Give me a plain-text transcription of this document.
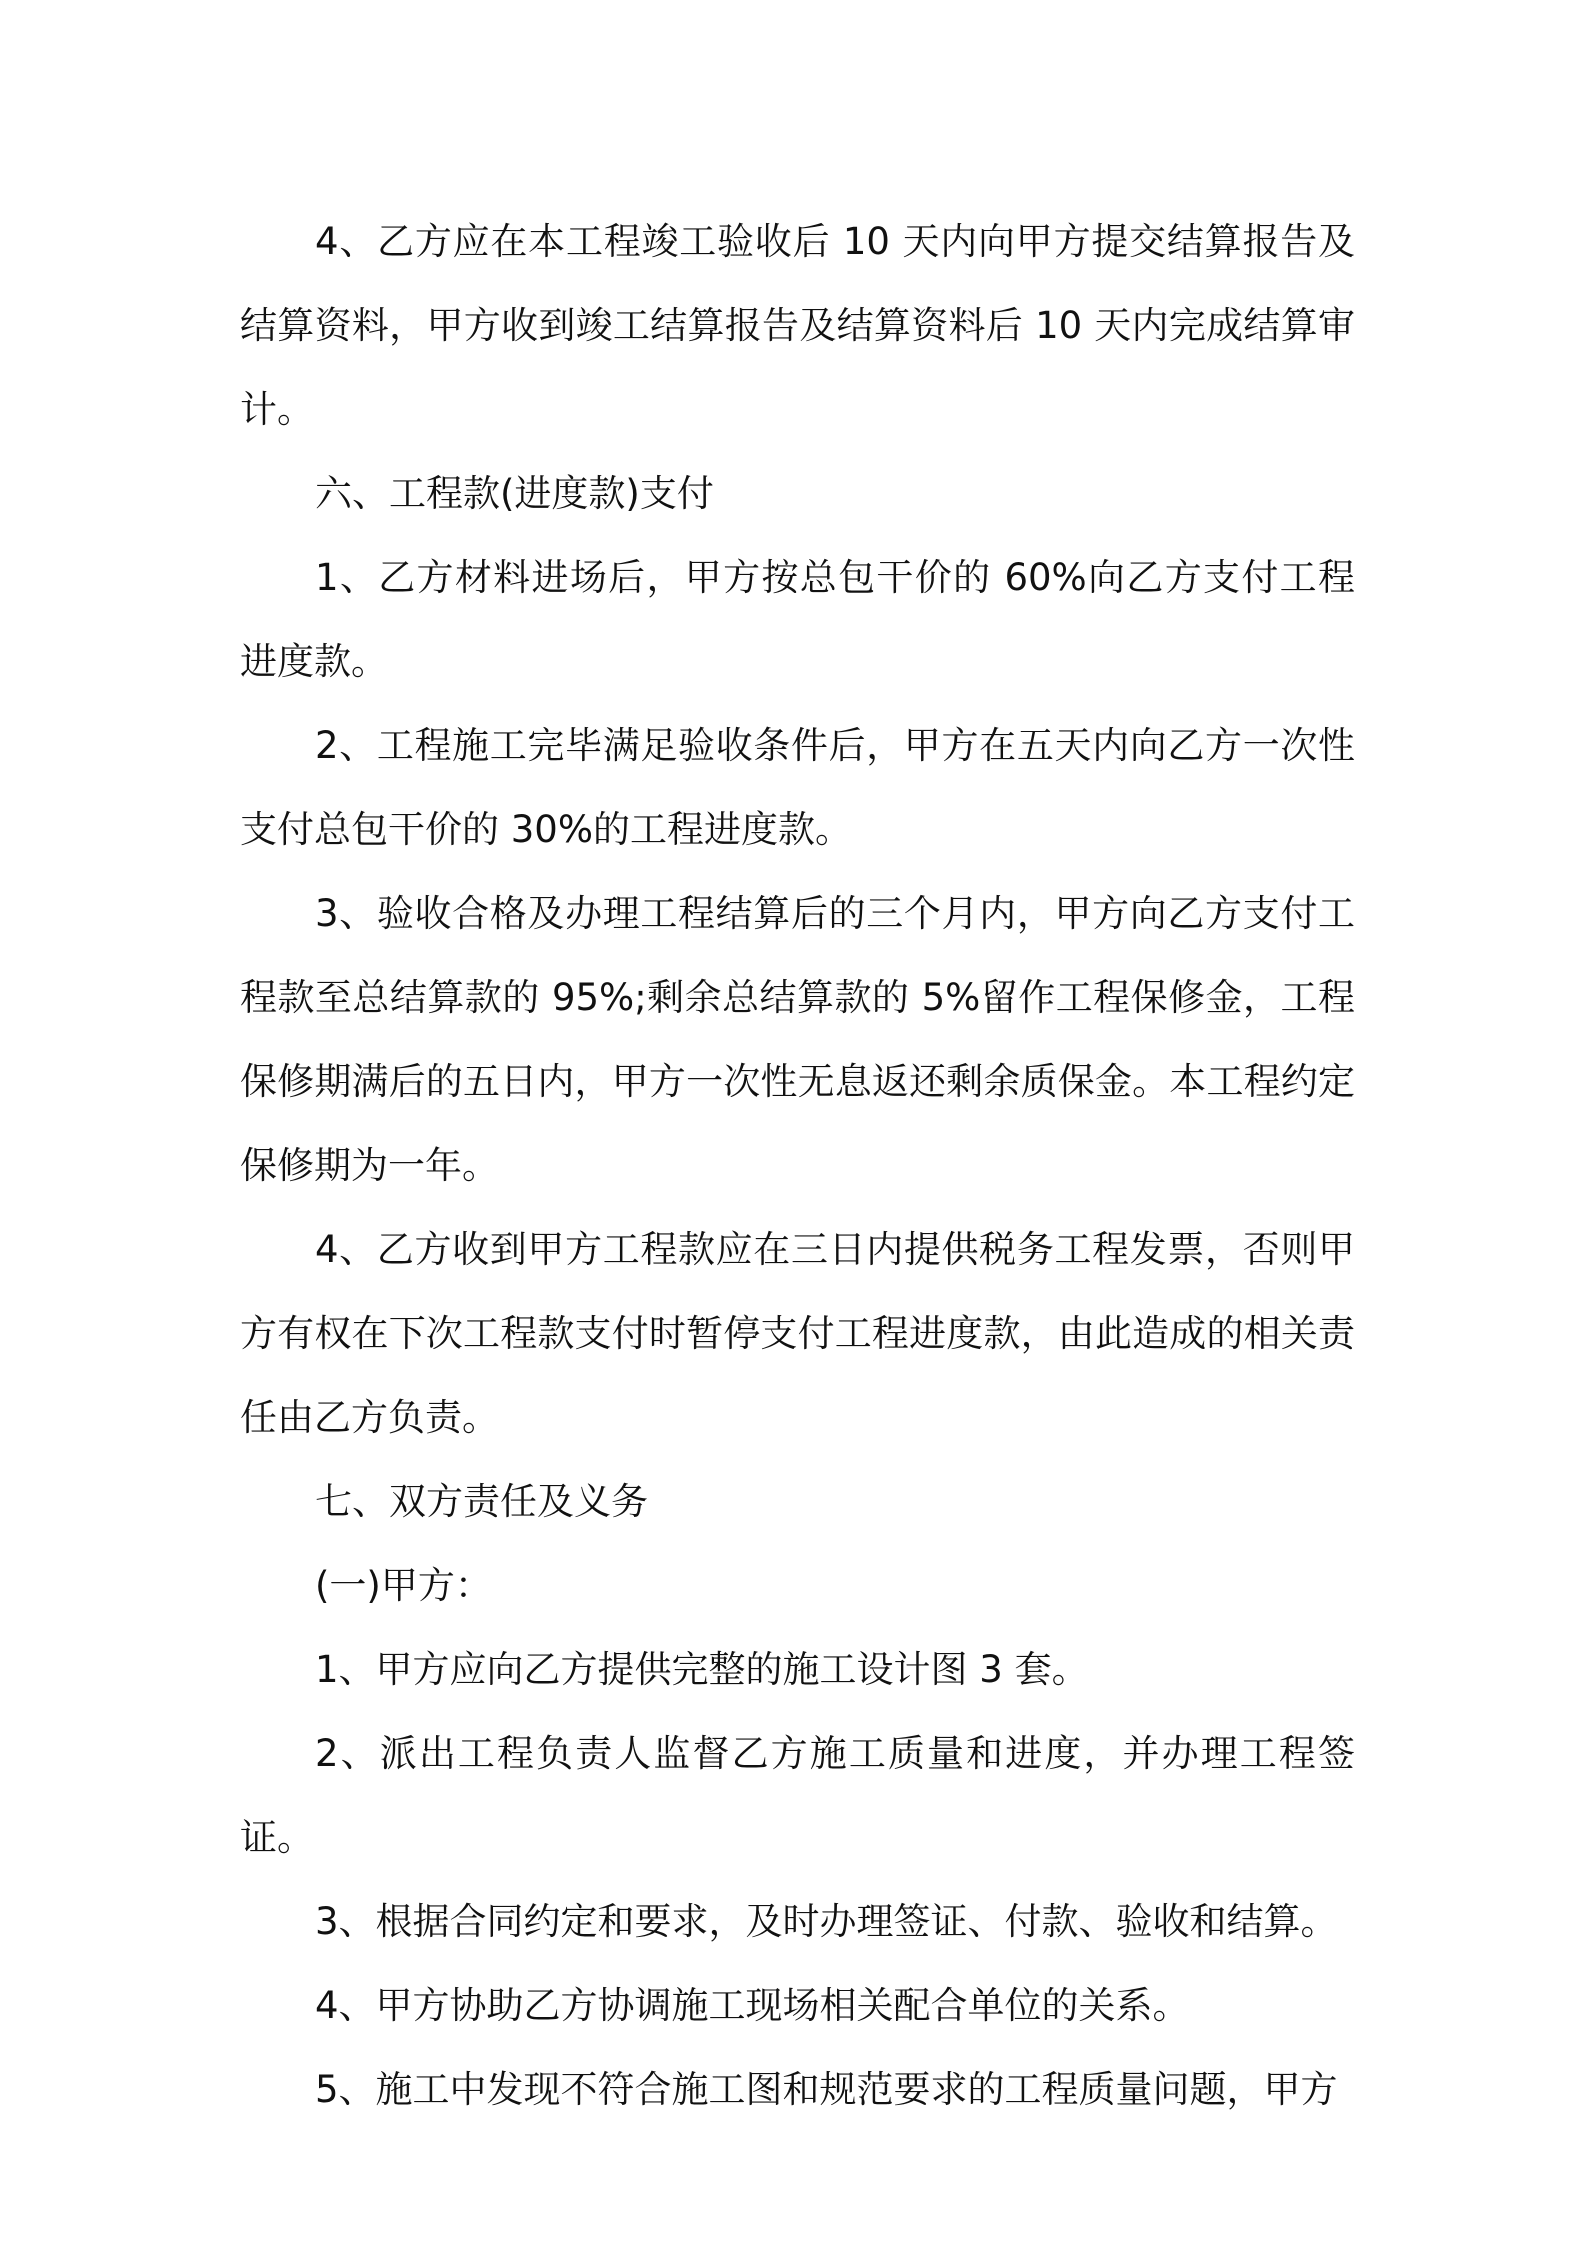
4、乙方应在本工程竣工验收后 10 天内向甲方提交结算报告及结算资料，甲方收到竣工结算报告及结算资料后 10 天内完成结算审计。

六、工程款(进度款)支付

1、乙方材料进场后，甲方按总包干价的 60%向乙方支付工程进度款。

2、工程施工完毕满足验收条件后，甲方在五天内向乙方一次性支付总包干价的 30%的工程进度款。

3、验收合格及办理工程结算后的三个月内，甲方向乙方支付工程款至总结算款的 95%;剩余总结算款的 5%留作工程保修金，工程保修期满后的五日内，甲方一次性无息返还剩余质保金。本工程约定保修期为一年。

4、乙方收到甲方工程款应在三日内提供税务工程发票，否则甲方有权在下次工程款支付时暂停支付工程进度款，由此造成的相关责任由乙方负责。

七、双方责任及义务

(一)甲方：

1、甲方应向乙方提供完整的施工设计图 3 套。

2、派出工程负责人监督乙方施工质量和进度，并办理工程签证。

3、根据合同约定和要求，及时办理签证、付款、验收和结算。

4、甲方协助乙方协调施工现场相关配合单位的关系。

5、施工中发现不符合施工图和规范要求的工程质量问题，甲方
